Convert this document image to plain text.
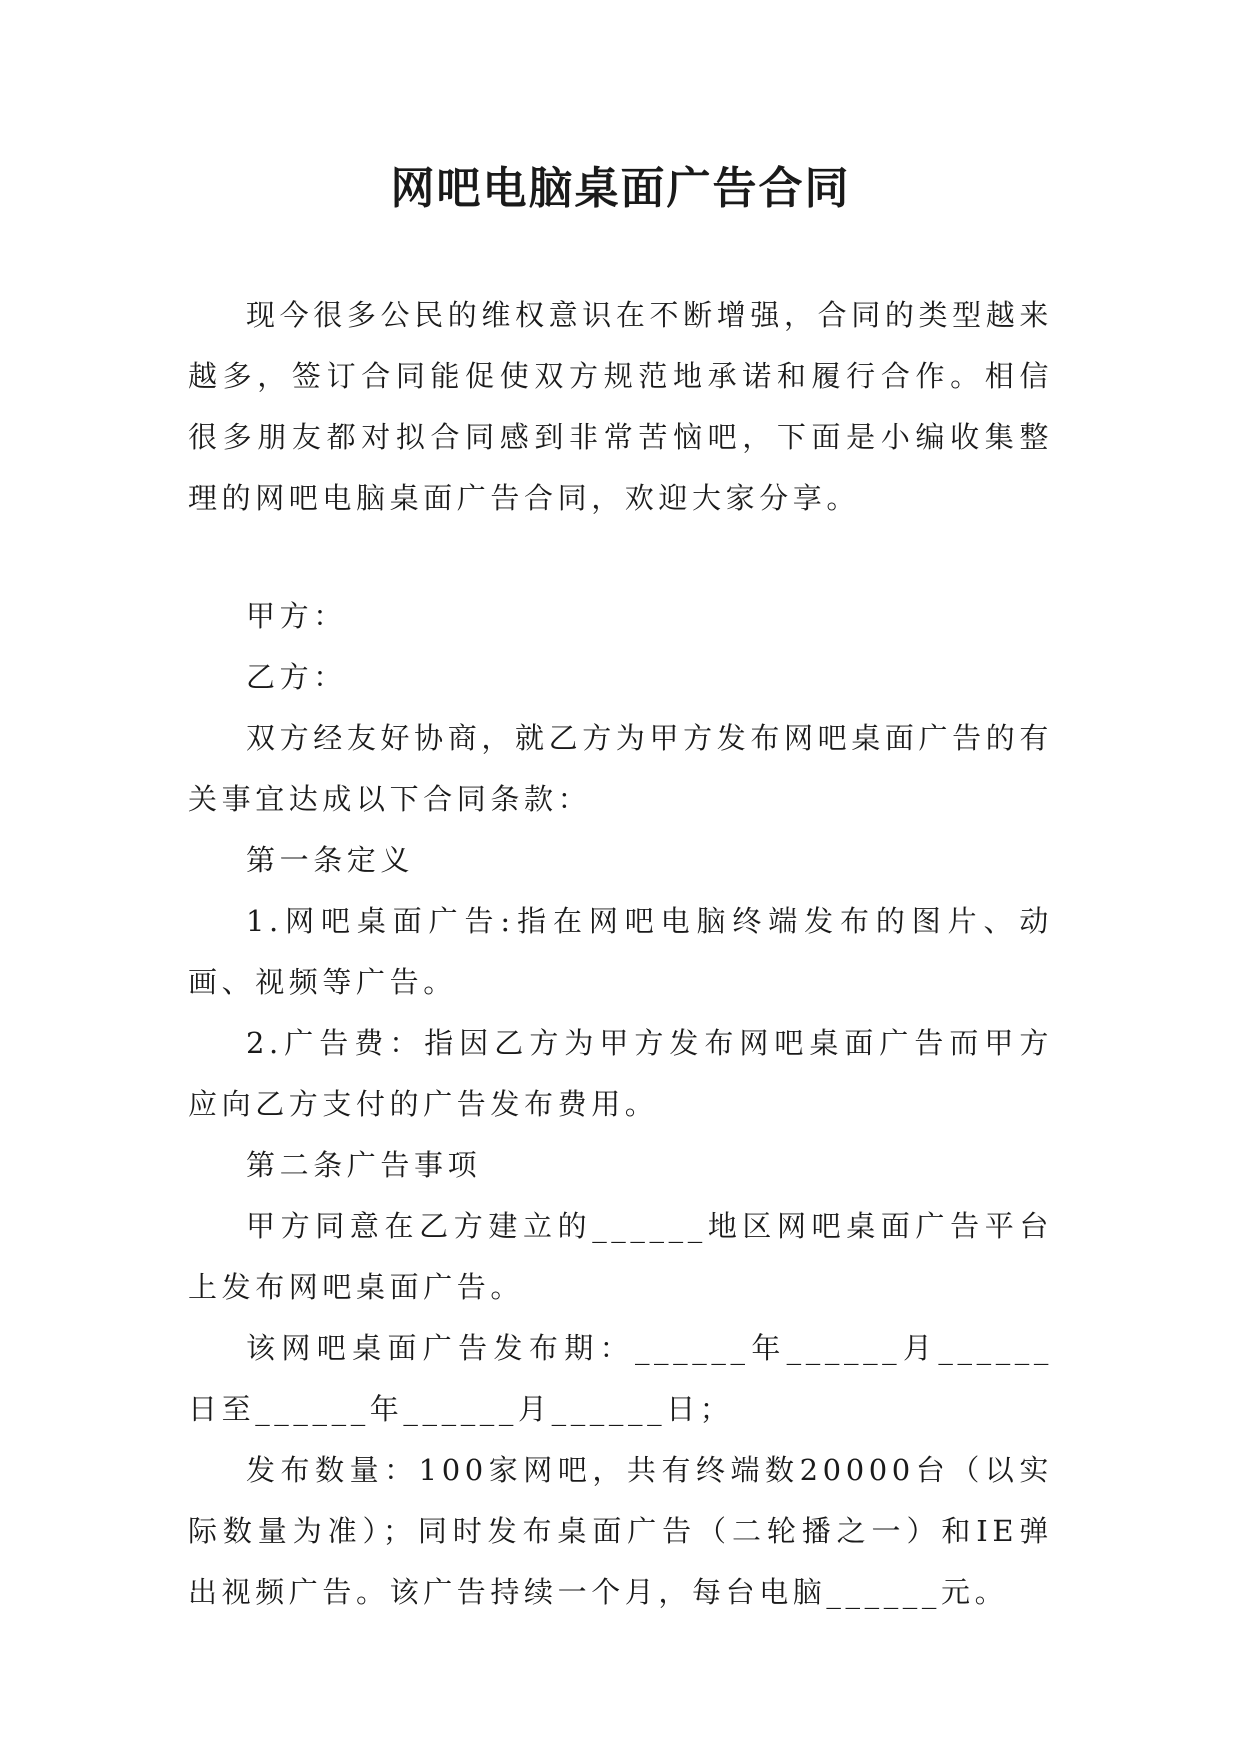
网吧电脑桌面广告合同

现今很多公民的维权意识在不断增强，合同的类型越来越多，签订合同能促使双方规范地承诺和履行合作。相信很多朋友都对拟合同感到非常苦恼吧，下面是小编收集整理的网吧电脑桌面广告合同，欢迎大家分享。

甲方：

乙方：

双方经友好协商，就乙方为甲方发布网吧桌面广告的有关事宜达成以下合同条款：

第一条定义

1.网吧桌面广告:指在网吧电脑终端发布的图片、动画、视频等广告。

2.广告费：指因乙方为甲方发布网吧桌面广告而甲方应向乙方支付的广告发布费用。

第二条广告事项

甲方同意在乙方建立的______地区网吧桌面广告平台上发布网吧桌面广告。

该网吧桌面广告发布期：______年______月______日至______年______月______日；

发布数量：100家网吧，共有终端数20000台（以实际数量为准）；同时发布桌面广告（二轮播之一）和IE弹出视频广告。该广告持续一个月，每台电脑______元。
